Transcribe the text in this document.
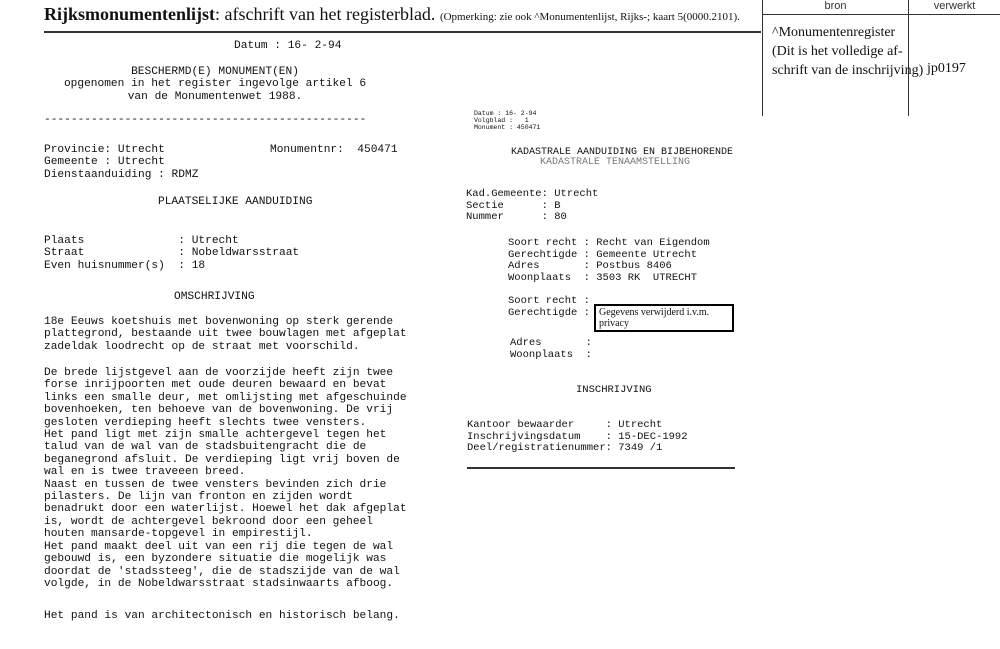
Rijksmonumentenlijst: afschrift van het registerblad. (Opmerking: zie ook ^Monumentenlijst, Rijks-; kaart 5(0000.2101).
bron	verwerkt
^Monumentenregister
(Dit is het volledige af-
schrift van de inschrijving) jp0197
Datum : 16- 2-94
BESCHERMD(E) MONUMENT(EN)
opgenomen in het register ingevolge artikel 6
van de Monumentenwet 1988.
------------------------------------------------
Provincie: Utrecht
Gemeente : Utrecht
Dienstaanduiding : RDMZ
Monumentnr:  450471
PLAATSELIJKE AANDUIDING
Plaats              : Utrecht
Straat              : Nobeldwarsstraat
Even huisnummer(s)  : 18
OMSCHRIJVING
18e Eeuws koetshuis met bovenwoning op sterk gerende
plattegrond, bestaande uit twee bouwlagen met afgeplat
zadeldak loodrecht op de straat met voorschild.
De brede lijstgevel aan de voorzijde heeft zijn twee
forse inrijpoorten met oude deuren bewaard en bevat
links een smalle deur, met omlijsting met afgeschuinde
bovenhoeken, ten behoeve van de bovenwoning. De vrij
gesloten verdieping heeft slechts twee vensters.
Het pand ligt met zijn smalle achtergevel tegen het
talud van de wal van de stadsbuitengracht die de
beganegrond afsluit. De verdieping ligt vrij boven de
wal en is twee traveeen breed.
Naast en tussen de twee vensters bevinden zich drie
pilasters. De lijn van fronton en zijden wordt
benadrukt door een waterlijst. Hoewel het dak afgeplat
is, wordt de achtergevel bekroond door een geheel
houten mansarde-topgevel in empirestijl.
Het pand maakt deel uit van een rij die tegen de wal
gebouwd is, een byzondere situatie die mogelijk was
doordat de 'stadssteeg', die de stadszijde van de wal
volgde, in de Nobeldwarsstraat stadsinwaarts afboog.
Het pand is van architectonisch en historisch belang.
Datum : 16- 2-94
Volgblad :   1
Monument : 450471
KADASTRALE AANDUIDING EN BIJBEHORENDE
KADASTRALE TENAAMSTELLING
Kad.Gemeente: Utrecht
Sectie      : B
Nummer      : 80
Soort recht : Recht van Eigendom
Gerechtigde : Gemeente Utrecht
Adres       : Postbus 8406
Woonplaats  : 3503 RK  UTRECHT
Soort recht :
Gerechtigde : Gegevens verwijderd i.v.m.
privacy
Adres       :
Woonplaats  :
INSCHRIJVING
Kantoor bewaarder     : Utrecht
Inschrijvingsdatum    : 15-DEC-1992
Deel/registratienummer: 7349 /1
